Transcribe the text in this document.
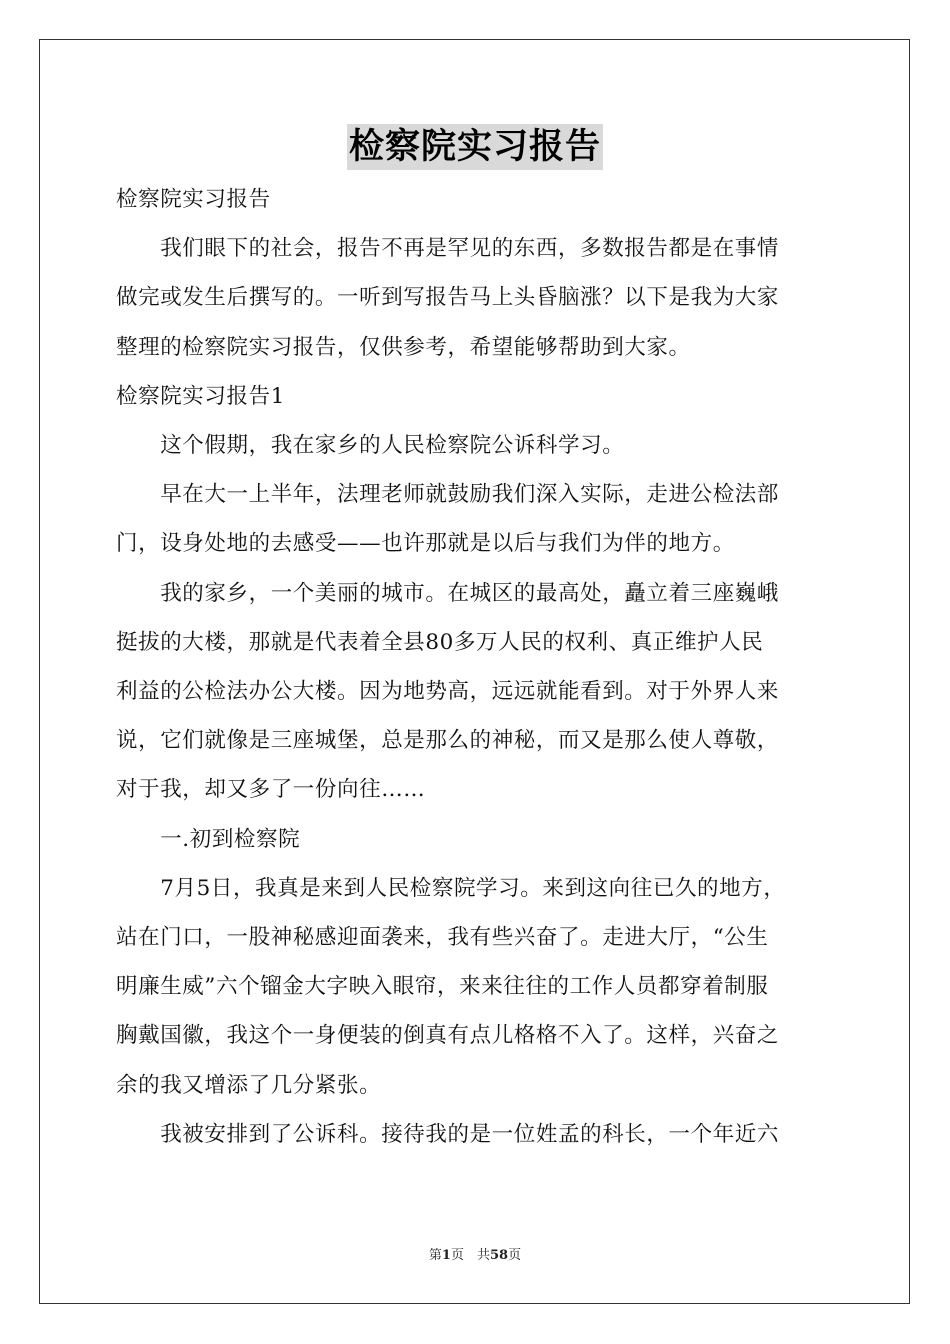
检察院实习报告
检察院实习报告
　　我们眼下的社会，报告不再是罕见的东西，多数报告都是在事情
做完或发生后撰写的。一听到写报告马上头昏脑涨？以下是我为大家
整理的检察院实习报告，仅供参考，希望能够帮助到大家。
检察院实习报告1
　　这个假期，我在家乡的人民检察院公诉科学习。
　　早在大一上半年，法理老师就鼓励我们深入实际，走进公检法部
门，设身处地的去感受——也许那就是以后与我们为伴的地方。
　　我的家乡，一个美丽的城市。在城区的最高处，矗立着三座巍峨
挺拔的大楼，那就是代表着全县80多万人民的权利、真正维护人民
利益的公检法办公大楼。因为地势高，远远就能看到。对于外界人来
说，它们就像是三座城堡，总是那么的神秘，而又是那么使人尊敬，
对于我，却又多了一份向往……
　　一.初到检察院
　　7月5日，我真是来到人民检察院学习。来到这向往已久的地方，
站在门口，一股神秘感迎面袭来，我有些兴奋了。走进大厅，“公生
明廉生威”六个镏金大字映入眼帘，来来往往的工作人员都穿着制服
胸戴国徽，我这个一身便装的倒真有点儿格格不入了。这样，兴奋之
余的我又增添了几分紧张。
　　我被安排到了公诉科。接待我的是一位姓孟的科长，一个年近六
第1页　共58页
